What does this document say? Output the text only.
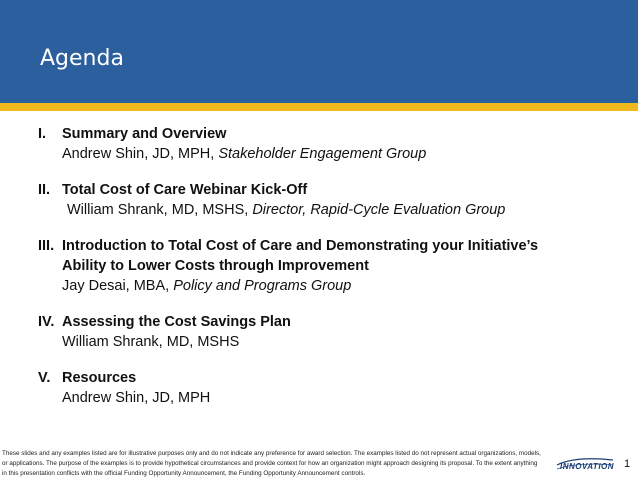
Agenda
I.	Summary and Overview
Andrew Shin, JD, MPH, Stakeholder Engagement Group
II. Total Cost of Care Webinar Kick-Off
William Shrank, MD, MSHS, Director, Rapid-Cycle Evaluation Group
III. Introduction to Total Cost of Care and Demonstrating your Initiative’s
Ability to Lower Costs through Improvement
Jay Desai, MBA, Policy and Programs Group
IV. Assessing the Cost Savings Plan
William Shrank, MD, MSHS
V. Resources
Andrew Shin, JD, MPH
These slides and any examples listed are for illustrative purposes only and do not indicate any preference for award selection. The examples listed do not represent actual organizations, models, or applications. The purpose of the examples is to provide hypothetical circumstances and provide context for how an organization might approach designing its proposal. To the extent anything in this presentation conflicts with the official Funding Opportunity Announcement, the Funding Opportunity Announcement controls.
INNOVATION 1
